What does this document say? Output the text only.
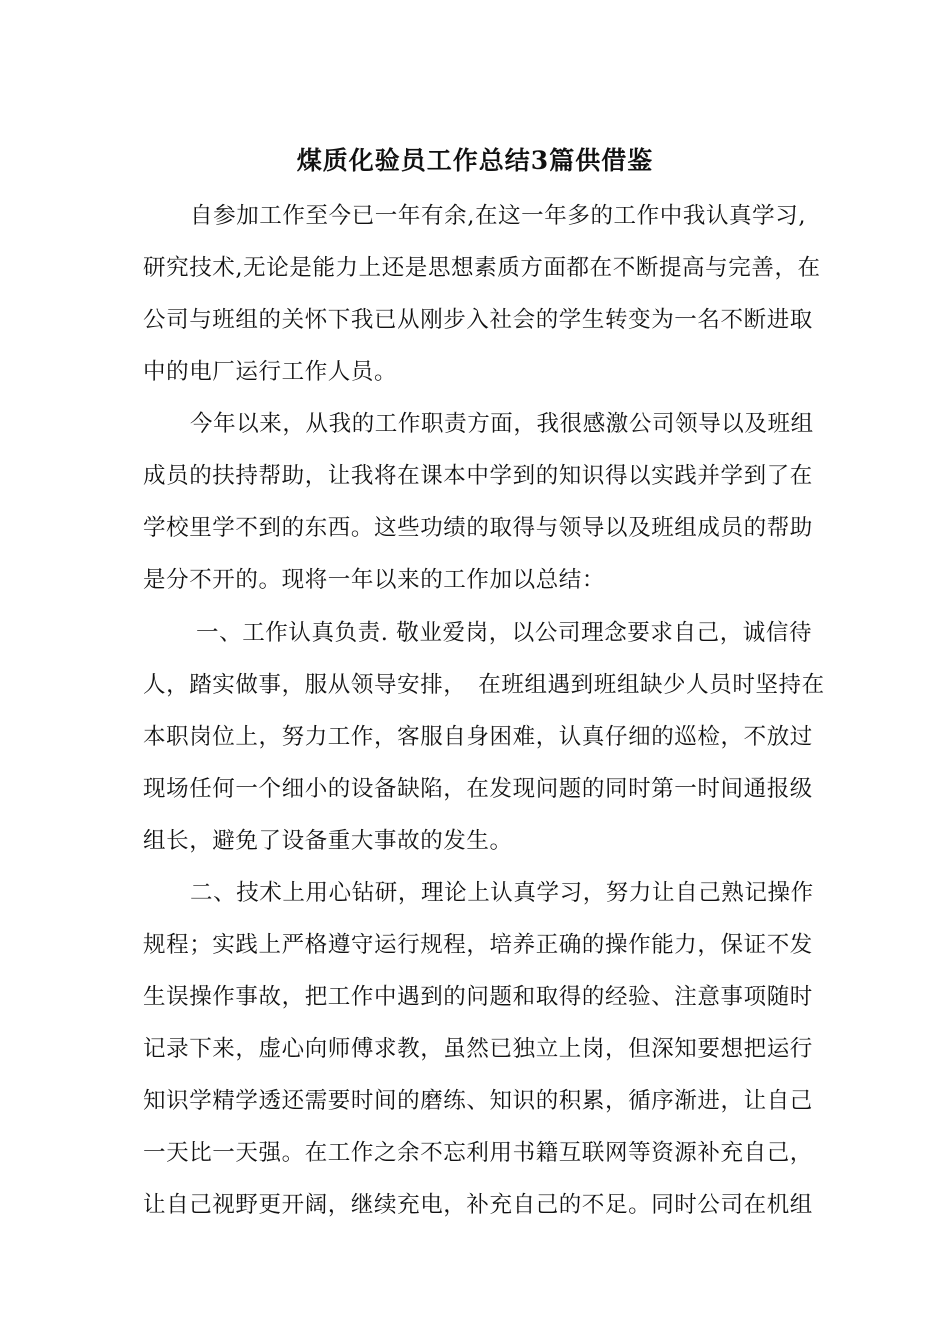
煤质化验员工作总结3篇供借鉴

自参加工作至今已一年有余,在这一年多的工作中我认真学习,

研究技术,无论是能力上还是思想素质方面都在不断提高与完善，在

公司与班组的关怀下我已从刚步入社会的学生转变为一名不断进取

中的电厂运行工作人员。

今年以来，从我的工作职责方面，我很感激公司领导以及班组

成员的扶持帮助，让我将在课本中学到的知识得以实践并学到了在

学校里学不到的东西。这些功绩的取得与领导以及班组成员的帮助

是分不开的。现将一年以来的工作加以总结：

一、工作认真负责. 敬业爱岗，以公司理念要求自己，诚信待

人，踏实做事，服从领导安排，　在班组遇到班组缺少人员时坚持在

本职岗位上，努力工作，客服自身困难，认真仔细的巡检，不放过

现场任何一个细小的设备缺陷，在发现问题的同时第一时间通报级

组长，避免了设备重大事故的发生。

二、技术上用心钻研，理论上认真学习，努力让自己熟记操作

规程；实践上严格遵守运行规程，培养正确的操作能力，保证不发

生误操作事故，把工作中遇到的问题和取得的经验、注意事项随时

记录下来，虚心向师傅求教，虽然已独立上岗，但深知要想把运行

知识学精学透还需要时间的磨练、知识的积累，循序渐进，让自己

一天比一天强。在工作之余不忘利用书籍互联网等资源补充自己，

让自己视野更开阔，继续充电，补充自己的不足。同时公司在机组
